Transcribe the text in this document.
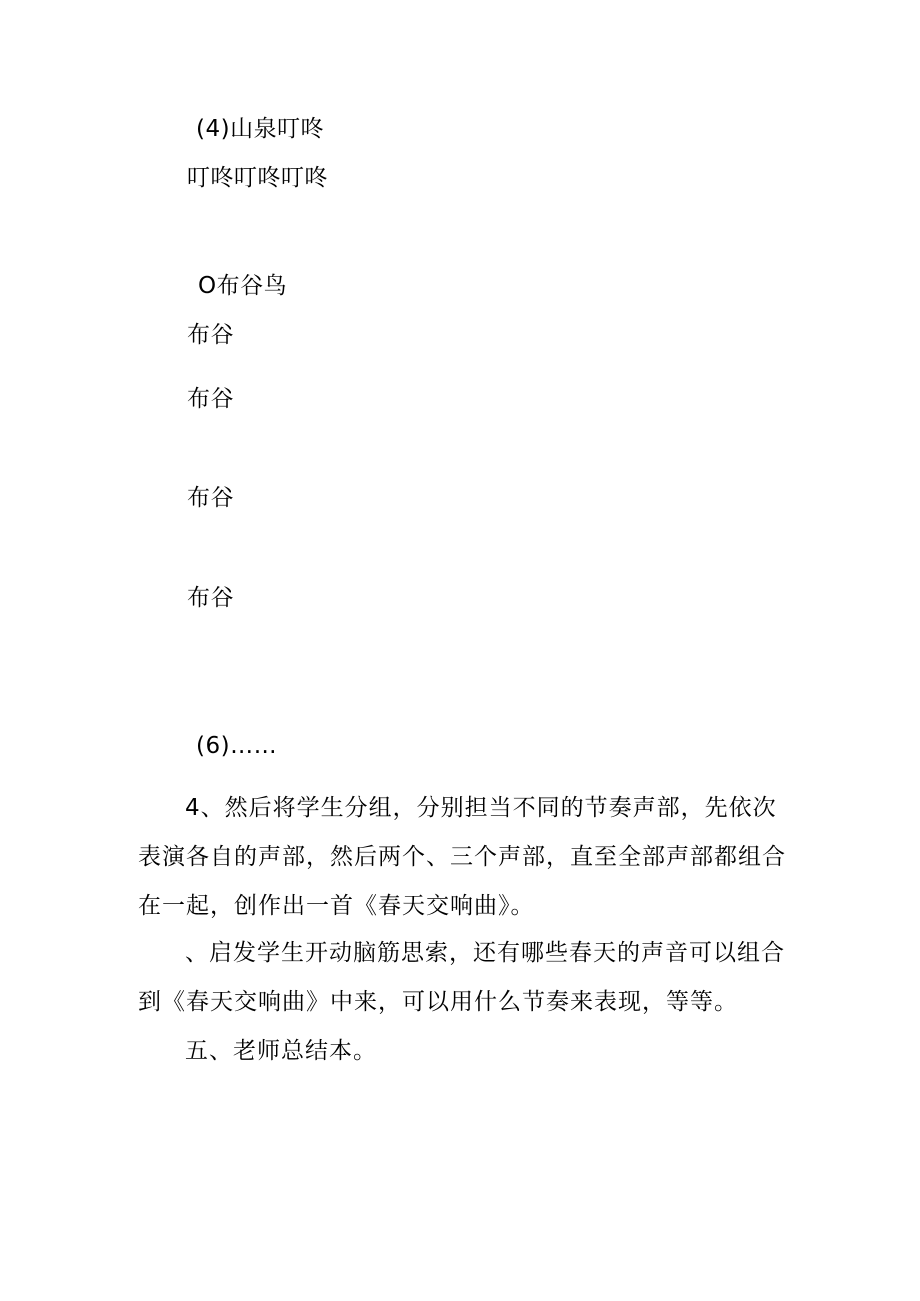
(4)山泉叮咚
叮咚叮咚叮咚
O布谷鸟
布谷
布谷
布谷
布谷
(6)……

4、然后将学生分组，分别担当不同的节奏声部，先依次表演各自的声部，然后两个、三个声部，直至全部声部都组合在一起，创作出一首《春天交响曲》。

、启发学生开动脑筋思索，还有哪些春天的声音可以组合到《春天交响曲》中来，可以用什么节奏来表现，等等。

五、老师总结本。
